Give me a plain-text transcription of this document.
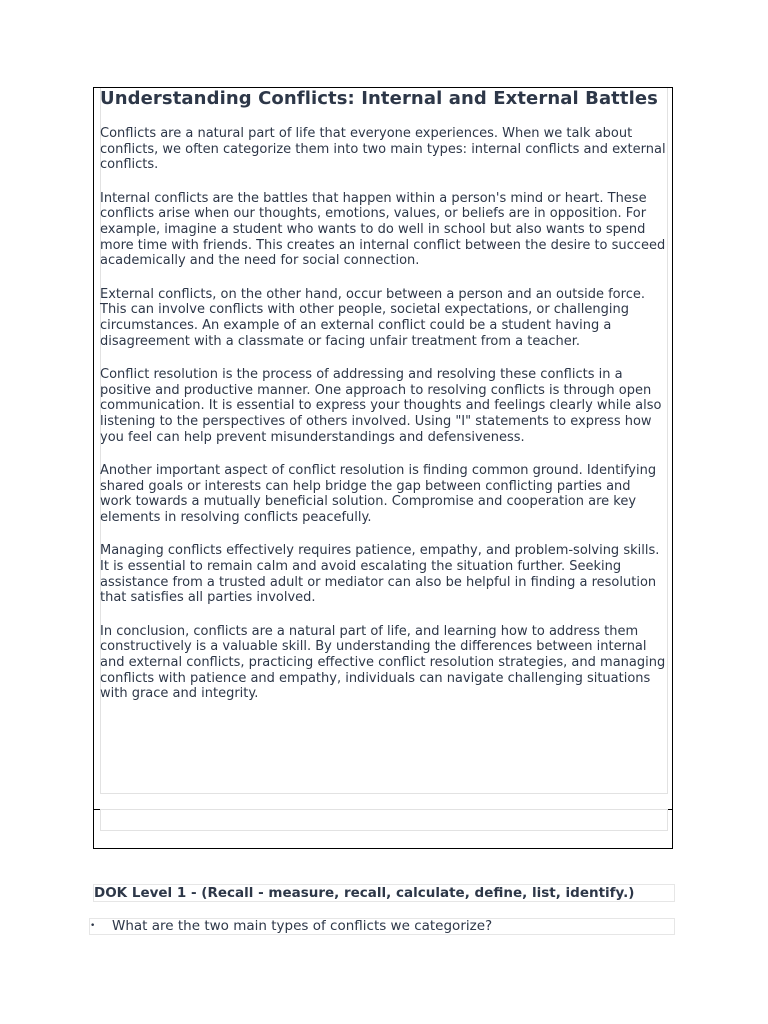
Understanding Conflicts: Internal and External Battles

Conflicts are a natural part of life that everyone experiences. When we talk about conflicts, we often categorize them into two main types: internal conflicts and external conflicts.

Internal conflicts are the battles that happen within a person's mind or heart. These conflicts arise when our thoughts, emotions, values, or beliefs are in opposition. For example, imagine a student who wants to do well in school but also wants to spend more time with friends. This creates an internal conflict between the desire to succeed academically and the need for social connection.

External conflicts, on the other hand, occur between a person and an outside force. This can involve conflicts with other people, societal expectations, or challenging circumstances. An example of an external conflict could be a student having a disagreement with a classmate or facing unfair treatment from a teacher.

Conflict resolution is the process of addressing and resolving these conflicts in a positive and productive manner. One approach to resolving conflicts is through open communication. It is essential to express your thoughts and feelings clearly while also listening to the perspectives of others involved. Using "I" statements to express how you feel can help prevent misunderstandings and defensiveness.

Another important aspect of conflict resolution is finding common ground. Identifying shared goals or interests can help bridge the gap between conflicting parties and work towards a mutually beneficial solution. Compromise and cooperation are key elements in resolving conflicts peacefully.

Managing conflicts effectively requires patience, empathy, and problem-solving skills. It is essential to remain calm and avoid escalating the situation further. Seeking assistance from a trusted adult or mediator can also be helpful in finding a resolution that satisfies all parties involved.

In conclusion, conflicts are a natural part of life, and learning how to address them constructively is a valuable skill. By understanding the differences between internal and external conflicts, practicing effective conflict resolution strategies, and managing conflicts with patience and empathy, individuals can navigate challenging situations with grace and integrity.

DOK Level 1 - (Recall - measure, recall, calculate, define, list, identify.)
• What are the two main types of conflicts we categorize?
